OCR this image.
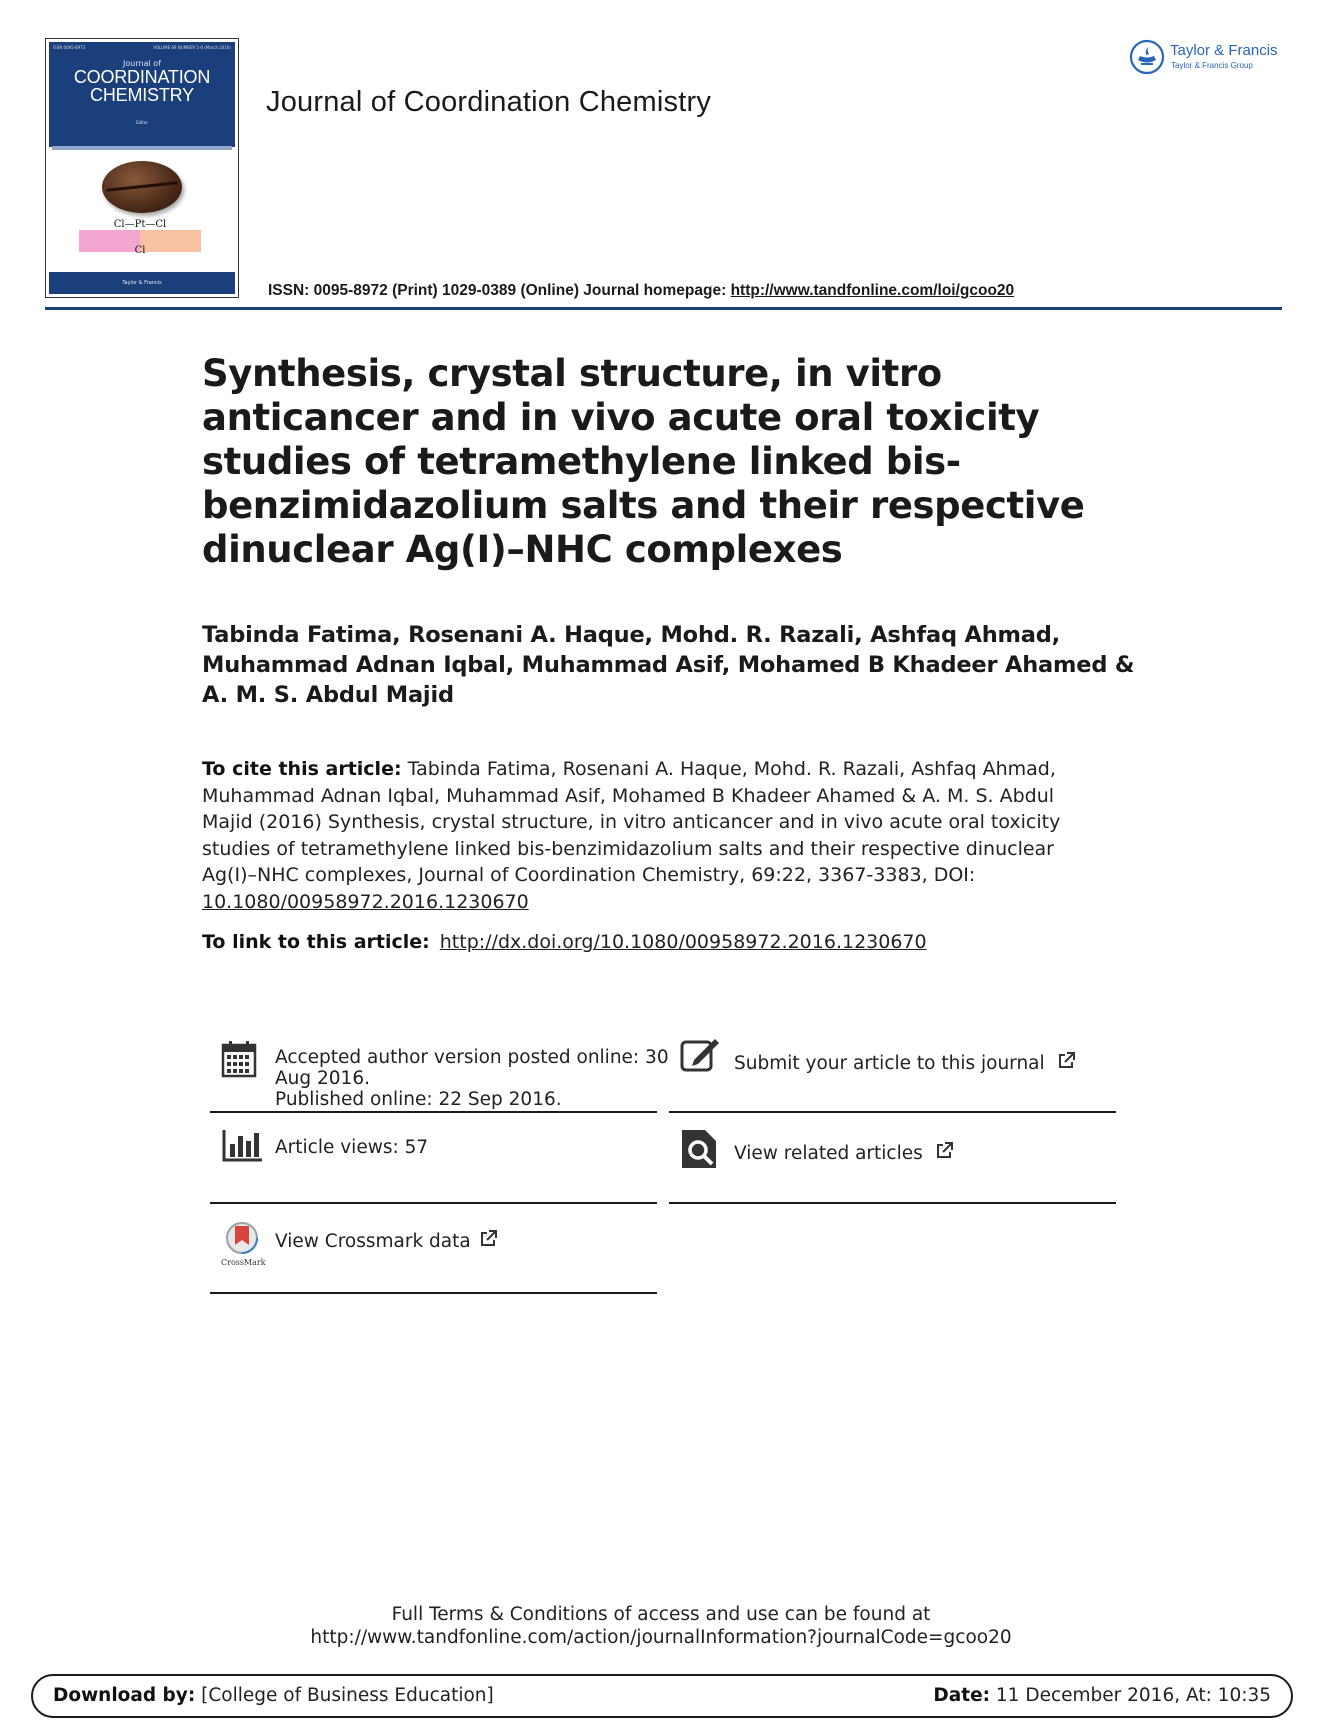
ISSN 0095-8972	VOLUME 69 NUMBER 5-6 (March 2016)
Journal of
COORDINATION
CHEMISTRY
Editor
Cl—Pt—Cl
Cl
Taylor & Francis
Journal of Coordination Chemistry
Taylor & Francis
Taylor & Francis Group
ISSN: 0095-8972 (Print) 1029-0389 (Online) Journal homepage: http://www.tandfonline.com/loi/gcoo20
Synthesis, crystal structure, in vitro anticancer and in vivo acute oral toxicity studies of tetramethylene linked bis-benzimidazolium salts and their respective dinuclear Ag(I)–NHC complexes
Tabinda Fatima, Rosenani A. Haque, Mohd. R. Razali, Ashfaq Ahmad, Muhammad Adnan Iqbal, Muhammad Asif, Mohamed B Khadeer Ahamed & A. M. S. Abdul Majid
To cite this article: Tabinda Fatima, Rosenani A. Haque, Mohd. R. Razali, Ashfaq Ahmad, Muhammad Adnan Iqbal, Muhammad Asif, Mohamed B Khadeer Ahamed & A. M. S. Abdul Majid (2016) Synthesis, crystal structure, in vitro anticancer and in vivo acute oral toxicity studies of tetramethylene linked bis-benzimidazolium salts and their respective dinuclear Ag(I)–NHC complexes, Journal of Coordination Chemistry, 69:22, 3367-3383, DOI: 10.1080/00958972.2016.1230670
To link to this article: http://dx.doi.org/10.1080/00958972.2016.1230670
Accepted author version posted online: 30
Aug 2016.
Published online: 22 Sep 2016.
Submit your article to this journal
Article views: 57	View related articles
CrossMark
View Crossmark data
Full Terms & Conditions of access and use can be found at
http://www.tandfonline.com/action/journalInformation?journalCode=gcoo20
Download by: [College of Business Education]	Date: 11 December 2016, At: 10:35
